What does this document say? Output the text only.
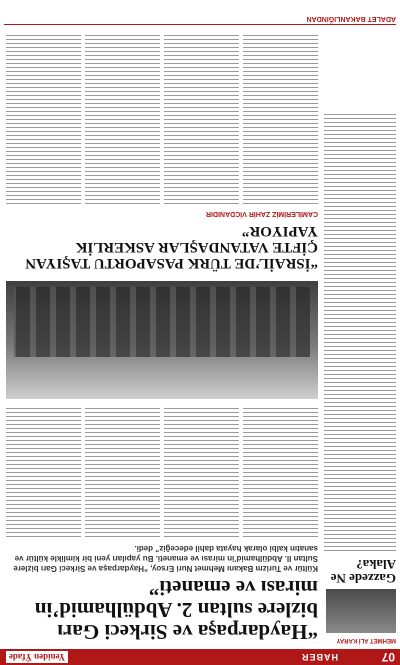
07
HABER
Yeniden Ýfade
MEHMET ALİ KARAY
Gazzede Ne Alaka?
“Haydarpaşa ve Sirkeci Garı bizlere sultan 2. Abdülhamid’in mirası ve emaneti”
Kültür ve Turizm Bakanı Mehmet Nuri Ersoy, “Haydarpaşa ve Sirkeci Garı bizlere Sultan II. Abdülhamid’in mirası ve emaneti. Bu yapıları yeni bir kimlikle kültür ve sanatın kalbi olarak hayata dahil edeceğiz” dedi.
“İSRAİL’DE TÜRK PASAPORTU TAŞIYAN ÇİFTE VATANDAŞLAR ASKERLİK YAPIYOR”
CAMİLERİMİZ ZAHİR VİCDANIDIR
ADALET BAKANLIĞINDAN
